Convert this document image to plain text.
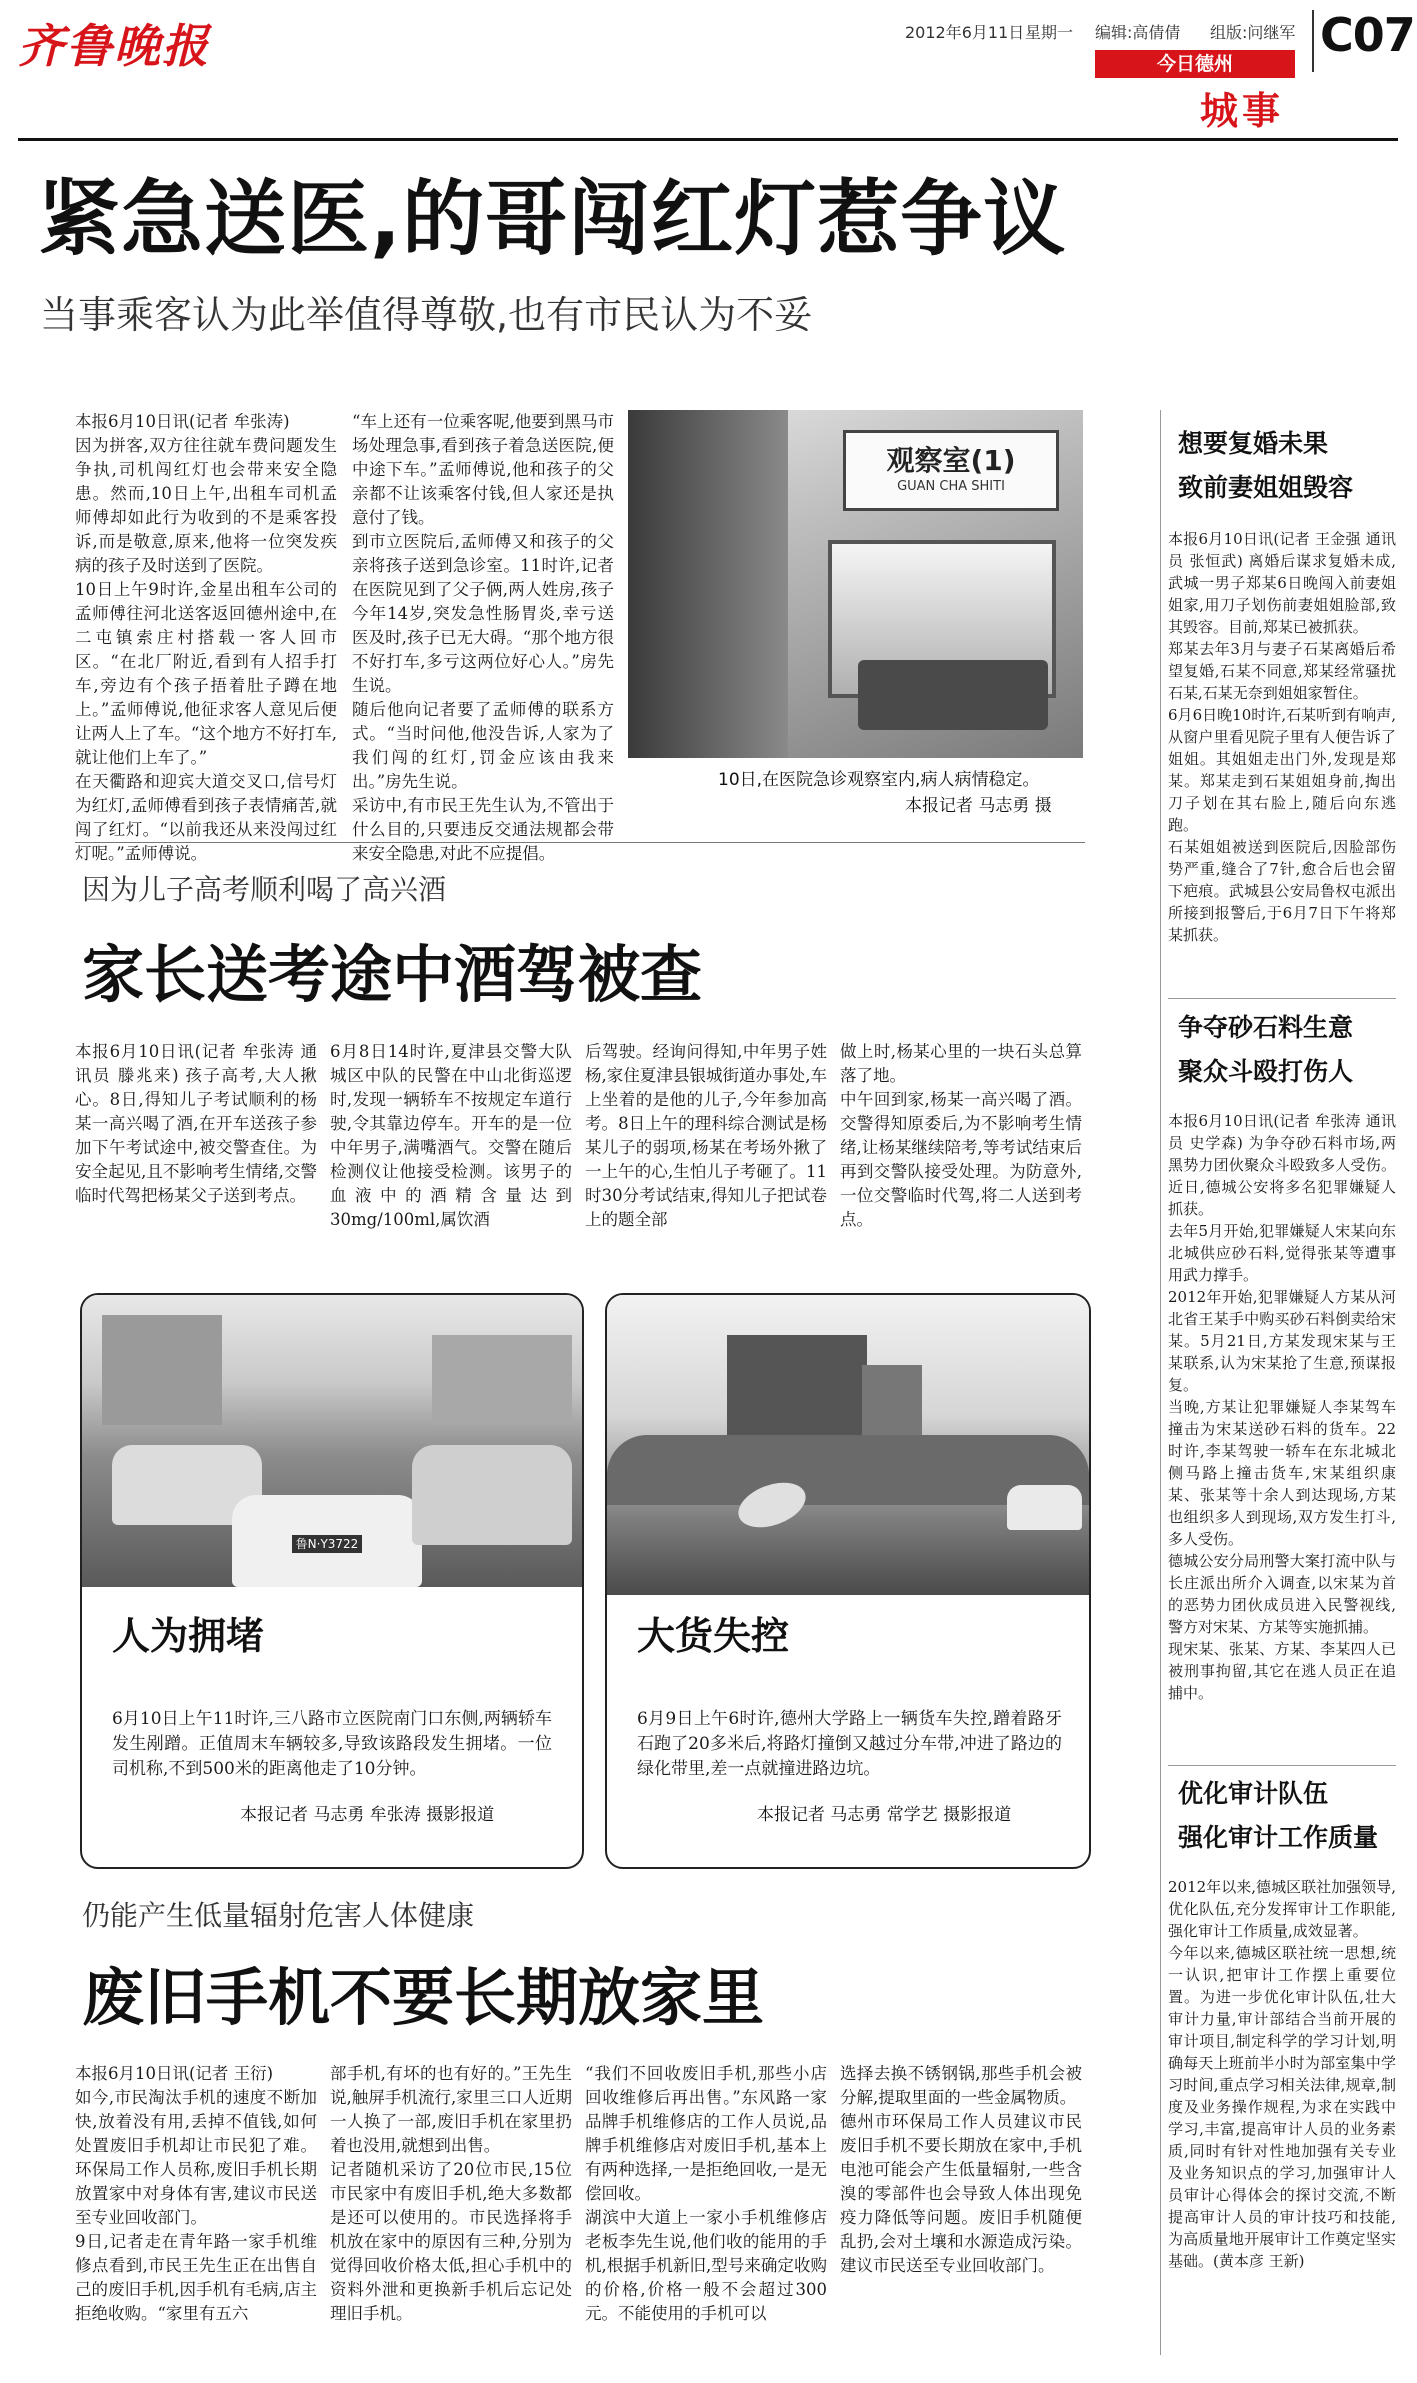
齐鲁晚报	2012年6月11日 星期一 编辑:高倩倩 组版:问继军 C07
今日德州
城事
紧急送医,的哥闯红灯惹争议
当事乘客认为此举值得尊敬,也有市民认为不妥

本报6月10日讯(记者 牟张涛)
因为拼客,双方往往就车费问题发生争执,司机闯红灯也会带来安全隐患。然而,10日上午,出租车司机孟师傅却如此行为收到的不是乘客投诉,而是敬意,原来,他将一位突发疾病的孩子及时送到了医院。
10日上午9时许,金星出租车公司的孟师傅往河北送客返回德州途中,在二屯镇索庄村搭载一客人回市区。“在北厂附近,看到有人招手打车,旁边有个孩子捂着肚子蹲在地上。”孟师傅说,他征求客人意见后便让两人上了车。“这个地方不好打车,就让他们上车了。”
在天衢路和迎宾大道交叉口,信号灯为红灯,孟师傅看到孩子表情痛苦,就闯了红灯。“以前我还从来没闯过红灯呢。”孟师傅说。

“车上还有一位乘客呢,他要到黑马市场处理急事,看到孩子着急送医院,便中途下车。”孟师傅说,他和孩子的父亲都不让该乘客付钱,但人家还是执意付了钱。
到市立医院后,孟师傅又和孩子的父亲将孩子送到急诊室。11时许,记者在医院见到了父子俩,两人姓房,孩子今年14岁,突发急性肠胃炎,幸亏送医及时,孩子已无大碍。“那个地方很不好打车,多亏这两位好心人。”房先生说。
随后他向记者要了孟师傅的联系方式。“当时问他,他没告诉,人家为了我们闯的红灯,罚金应该由我来出。”房先生说。
采访中,有市民王先生认为,不管出于什么目的,只要违反交通法规都会带来安全隐患,对此不应提倡。

观察室(1)
GUAN CHA SHITI
10日,在医院急诊观察室内,病人病情稳定。
本报记者 马志勇 摄
因为儿子高考顺利喝了高兴酒
家长送考途中酒驾被查

本报6月10日讯(记者 牟张涛 通讯员 滕兆来) 孩子高考,大人揪心。8日,得知儿子考试顺利的杨某一高兴喝了酒,在开车送孩子参加下午考试途中,被交警查住。为安全起见,且不影响考生情绪,交警临时代驾把杨某父子送到考点。

6月8日14时许,夏津县交警大队城区中队的民警在中山北街巡逻时,发现一辆轿车不按规定车道行驶,令其靠边停车。开车的是一位中年男子,满嘴酒气。交警在随后检测仪让他接受检测。该男子的血液中的酒精含量达到30mg/100ml,属饮酒

后驾驶。经询问得知,中年男子姓杨,家住夏津县银城街道办事处,车上坐着的是他的儿子,今年参加高考。8日上午的理科综合测试是杨某儿子的弱项,杨某在考场外揪了一上午的心,生怕儿子考砸了。11时30分考试结束,得知儿子把试卷上的题全部

做上时,杨某心里的一块石头总算落了地。
中午回到家,杨某一高兴喝了酒。交警得知原委后,为不影响考生情绪,让杨某继续陪考,等考试结束后再到交警队接受处理。为防意外,一位交警临时代驾,将二人送到考点。

鲁N·Y3722
人为拥堵

6月10日上午11时许,三八路市立医院南门口东侧,两辆轿车发生剐蹭。正值周末车辆较多,导致该路段发生拥堵。一位司机称,不到500米的距离他走了10分钟。

本报记者 马志勇 牟张涛 摄影报道
大货失控

6月9日上午6时许,德州大学路上一辆货车失控,蹭着路牙石跑了20多米后,将路灯撞倒又越过分车带,冲进了路边的绿化带里,差一点就撞进路边坑。

本报记者 马志勇 常学艺 摄影报道
仍能产生低量辐射危害人体健康
废旧手机不要长期放家里

本报6月10日讯(记者 王衍)
如今,市民淘汰手机的速度不断加快,放着没有用,丢掉不值钱,如何处置废旧手机却让市民犯了难。环保局工作人员称,废旧手机长期放置家中对身体有害,建议市民送至专业回收部门。
9日,记者走在青年路一家手机维修点看到,市民王先生正在出售自己的废旧手机,因手机有毛病,店主拒绝收购。“家里有五六

部手机,有坏的也有好的。”王先生说,触屏手机流行,家里三口人近期一人换了一部,废旧手机在家里扔着也没用,就想到出售。
记者随机采访了20位市民,15位市民家中有废旧手机,绝大多数都是还可以使用的。市民选择将手机放在家中的原因有三种,分别为觉得回收价格太低,担心手机中的资料外泄和更换新手机后忘记处理旧手机。

“我们不回收废旧手机,那些小店回收维修后再出售。”东风路一家品牌手机维修店的工作人员说,品牌手机维修店对废旧手机,基本上有两种选择,一是拒绝回收,一是无偿回收。
湖滨中大道上一家小手机维修店老板李先生说,他们收的能用的手机,根据手机新旧,型号来确定收购的价格,价格一般不会超过300元。不能使用的手机可以

选择去换不锈钢锅,那些手机会被分解,提取里面的一些金属物质。
德州市环保局工作人员建议市民废旧手机不要长期放在家中,手机电池可能会产生低量辐射,一些含溴的零部件也会导致人体出现免疫力降低等问题。废旧手机随便乱扔,会对土壤和水源造成污染。建议市民送至专业回收部门。

想要复婚未果
致前妻姐姐毁容

本报6月10日讯(记者 王金强 通讯员 张恒武) 离婚后谋求复婚未成,武城一男子郑某6日晚闯入前妻姐姐家,用刀子划伤前妻姐姐脸部,致其毁容。目前,郑某已被抓获。
郑某去年3月与妻子石某离婚后希望复婚,石某不同意,郑某经常骚扰石某,石某无奈到姐姐家暂住。
6月6日晚10时许,石某听到有响声,从窗户里看见院子里有人便告诉了姐姐。其姐姐走出门外,发现是郑某。郑某走到石某姐姐身前,掏出刀子划在其右脸上,随后向东逃跑。
石某姐姐被送到医院后,因脸部伤势严重,缝合了7针,愈合后也会留下疤痕。武城县公安局鲁权屯派出所接到报警后,于6月7日下午将郑某抓获。

争夺砂石料生意
聚众斗殴打伤人

本报6月10日讯(记者 牟张涛 通讯员 史学森) 为争夺砂石料市场,两黑势力团伙聚众斗殴致多人受伤。近日,德城公安将多名犯罪嫌疑人抓获。
去年5月开始,犯罪嫌疑人宋某向东北城供应砂石料,觉得张某等遭事用武力撑手。
2012年开始,犯罪嫌疑人方某从河北省王某手中购买砂石料倒卖给宋某。5月21日,方某发现宋某与王某联系,认为宋某抢了生意,预谋报复。
当晚,方某让犯罪嫌疑人李某驾车撞击为宋某送砂石料的货车。22时许,李某驾驶一轿车在东北城北侧马路上撞击货车,宋某组织康某、张某等十余人到达现场,方某也组织多人到现场,双方发生打斗,多人受伤。
德城公安分局刑警大案打流中队与长庄派出所介入调查,以宋某为首的恶势力团伙成员进入民警视线,警方对宋某、方某等实施抓捕。
现宋某、张某、方某、李某四人已被刑事拘留,其它在逃人员正在追捕中。

优化审计队伍
强化审计工作质量

2012年以来,德城区联社加强领导,优化队伍,充分发挥审计工作职能,强化审计工作质量,成效显著。
今年以来,德城区联社统一思想,统一认识,把审计工作摆上重要位置。为进一步优化审计队伍,壮大审计力量,审计部结合当前开展的审计项目,制定科学的学习计划,明确每天上班前半小时为部室集中学习时间,重点学习相关法律,规章,制度及业务操作规程,为求在实践中学习,丰富,提高审计人员的业务素质,同时有针对性地加强有关专业及业务知识点的学习,加强审计人员审计心得体会的探讨交流,不断提高审计人员的审计技巧和技能,为高质量地开展审计工作奠定坚实基础。(黄本彦 王新)
